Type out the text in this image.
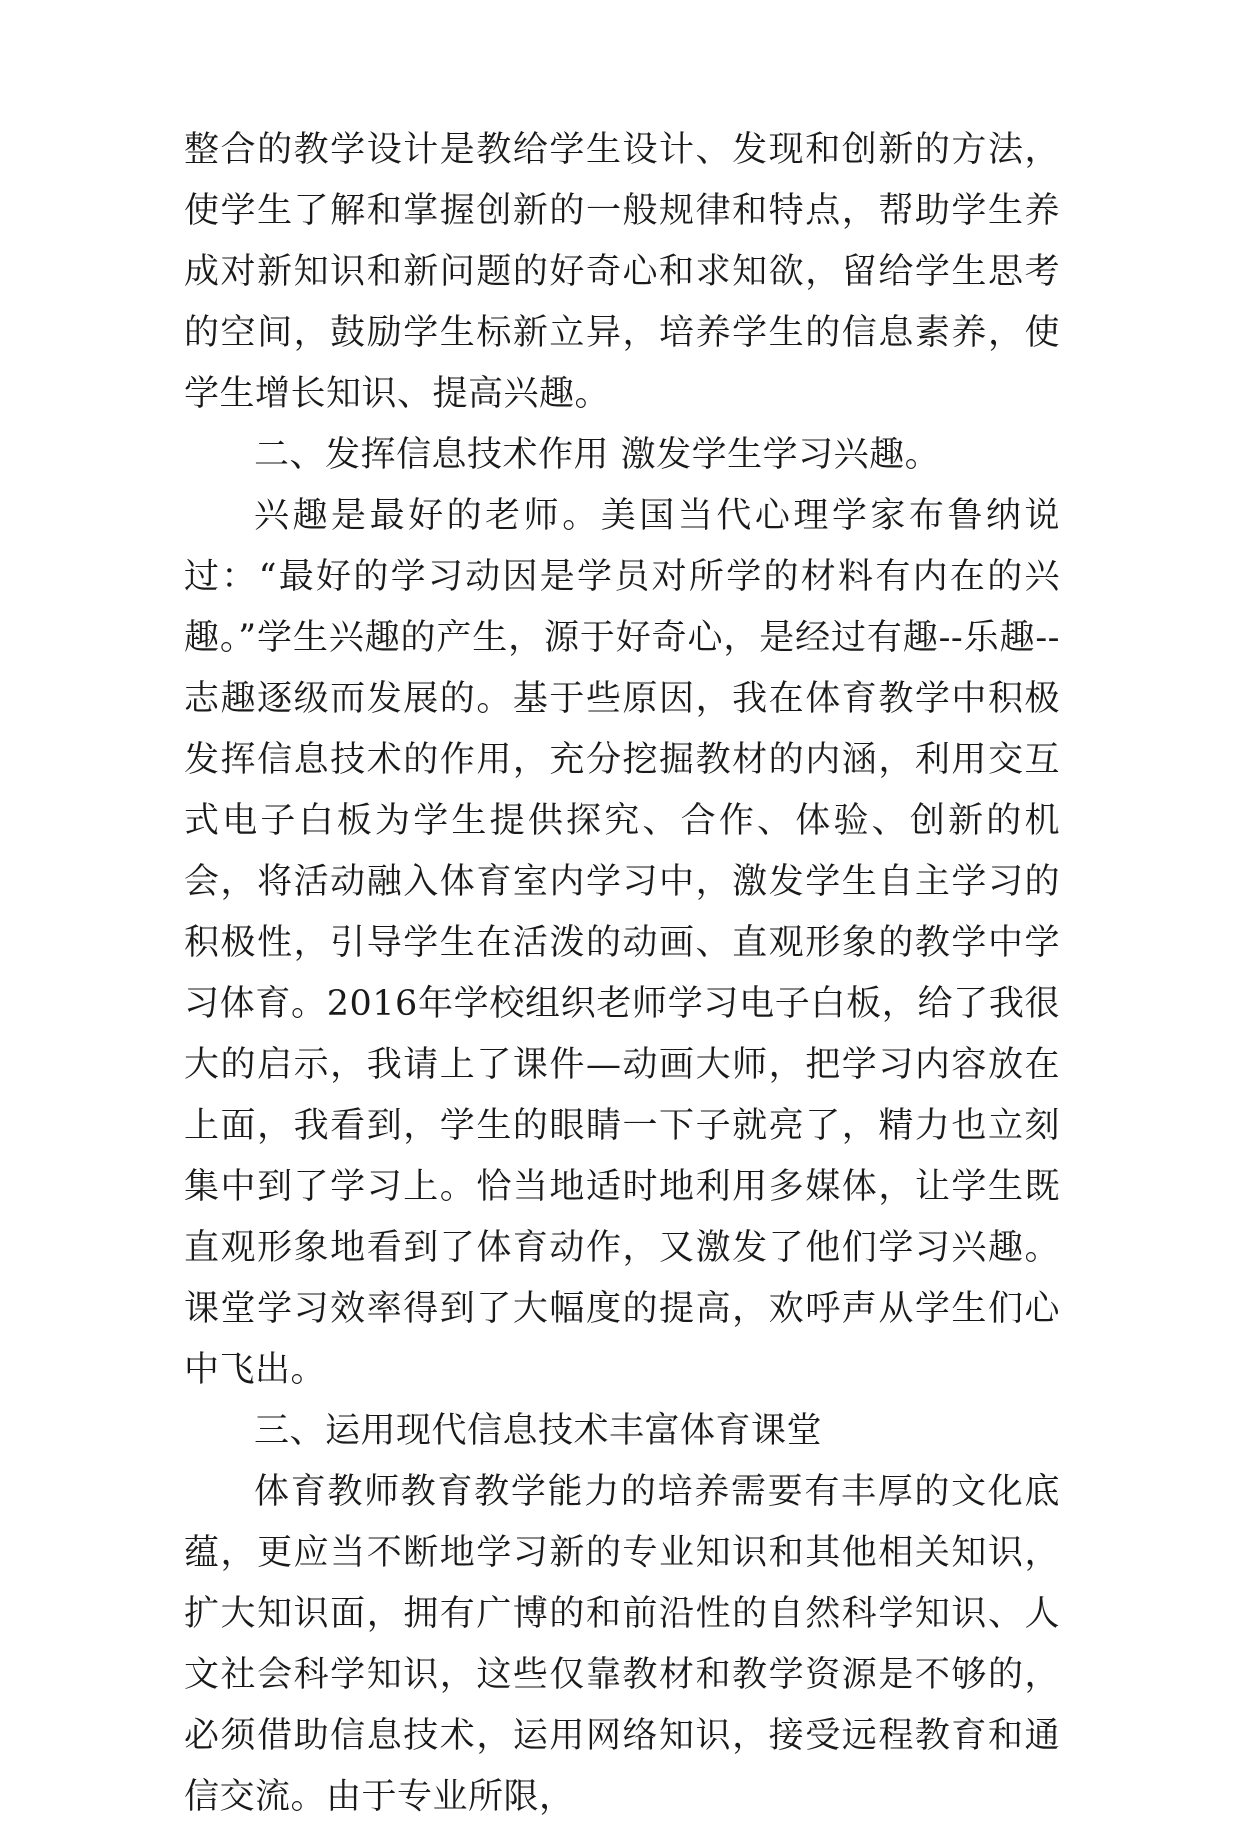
整合的教学设计是教给学生设计、发现和创新的方法，使学生了解和掌握创新的一般规律和特点，帮助学生养成对新知识和新问题的好奇心和求知欲，留给学生思考的空间，鼓励学生标新立异，培养学生的信息素养，使学生增长知识、提高兴趣。

二、发挥信息技术作用 激发学生学习兴趣。

兴趣是最好的老师。美国当代心理学家布鲁纳说过：“最好的学习动因是学员对所学的材料有内在的兴趣。”学生兴趣的产生，源于好奇心，是经过有趣--乐趣--志趣逐级而发展的。基于些原因，我在体育教学中积极发挥信息技术的作用，充分挖掘教材的内涵，利用交互式电子白板为学生提供探究、合作、体验、创新的机会，将活动融入体育室内学习中，激发学生自主学习的积极性，引导学生在活泼的动画、直观形象的教学中学习体育。2016年学校组织老师学习电子白板，给了我很大的启示，我请上了课件—动画大师，把学习内容放在上面，我看到，学生的眼睛一下子就亮了，精力也立刻集中到了学习上。恰当地适时地利用多媒体，让学生既直观形象地看到了体育动作，又激发了他们学习兴趣。课堂学习效率得到了大幅度的提高，欢呼声从学生们心中飞出。

三、运用现代信息技术丰富体育课堂

体育教师教育教学能力的培养需要有丰厚的文化底蕴，更应当不断地学习新的专业知识和其他相关知识，扩大知识面，拥有广博的和前沿性的自然科学知识、人文社会科学知识，这些仅靠教材和教学资源是不够的，必须借助信息技术，运用网络知识，接受远程教育和通信交流。由于专业所限，
